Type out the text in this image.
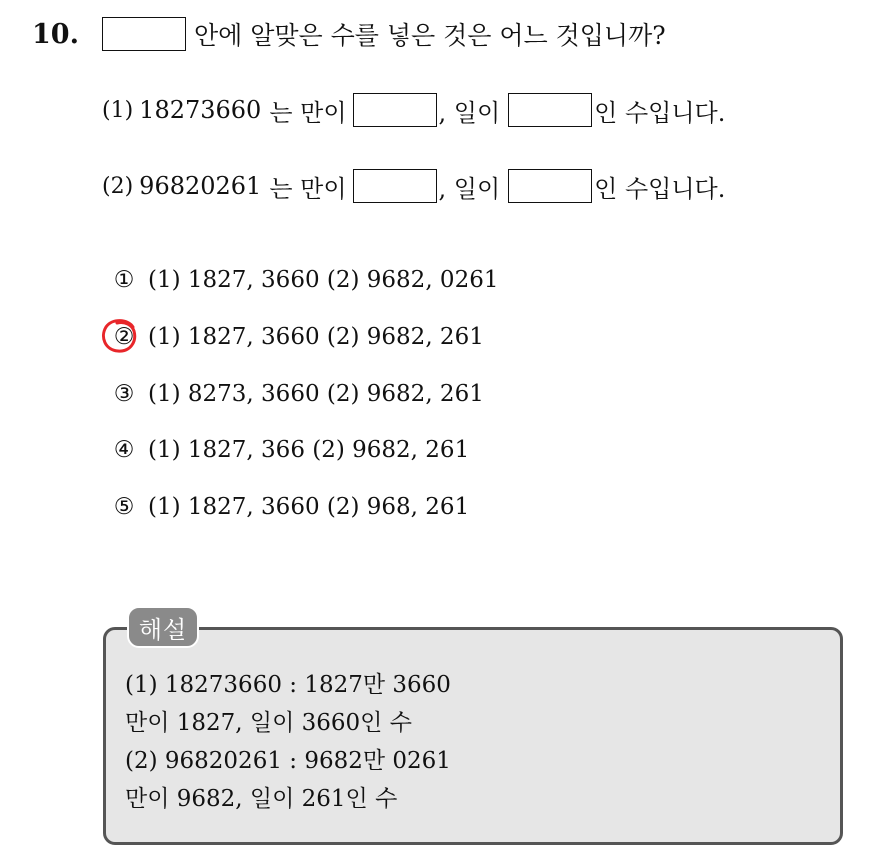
10.	안에 알맞은 수를 넣은 것은 어느 것입니까?
(1) 18273660 는 만이	, 일이	인 수입니다.
(2) 96820261 는 만이	, 일이	인 수입니다.
① (1) 1827, 3660 (2) 9682, 0261
② (1) 1827, 3660 (2) 9682, 261
③ (1) 8273, 3660 (2) 9682, 261
④ (1) 1827, 366 (2) 9682, 261
⑤ (1) 1827, 3660 (2) 968, 261
해설
(1) 18273660 : 1827만 3660
만이 1827, 일이 3660인 수
(2) 96820261 : 9682만 0261
만이 9682, 일이 261인 수
